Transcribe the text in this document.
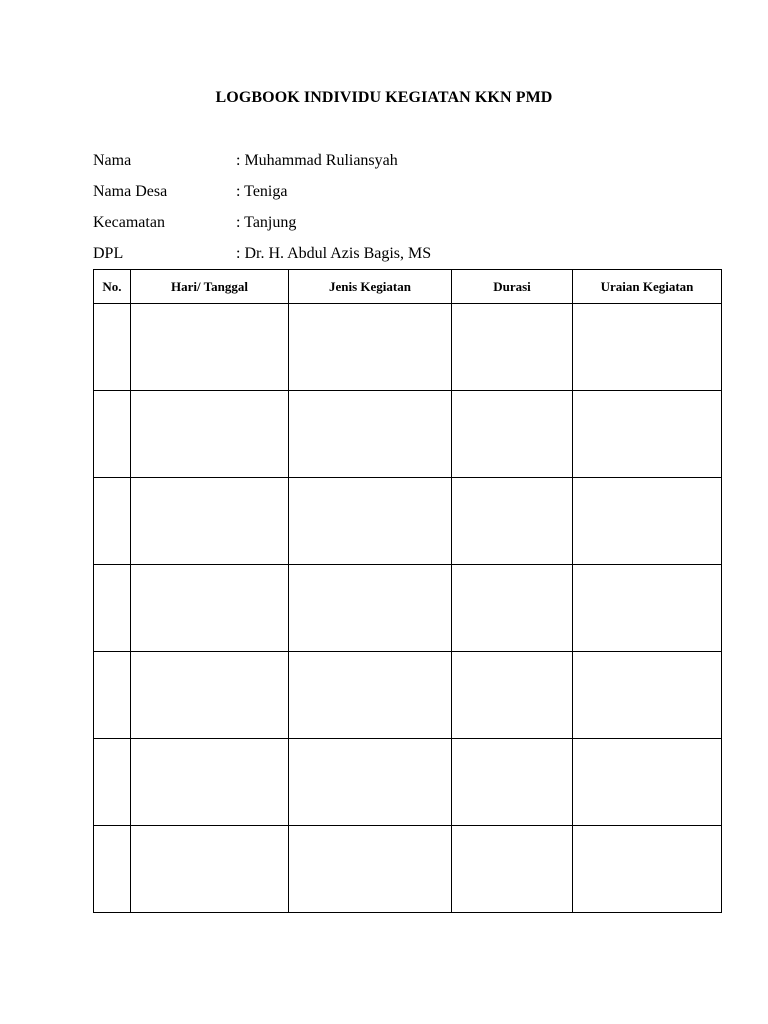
LOGBOOK INDIVIDU KEGIATAN KKN PMD
Nama	: Muhammad Ruliansyah
Nama Desa	: Teniga
Kecamatan	: Tanjung
DPL	: Dr. H. Abdul Azis Bagis, MS
No.	Hari/ Tanggal	Jenis Kegiatan	Durasi	Uraian Kegiatan
